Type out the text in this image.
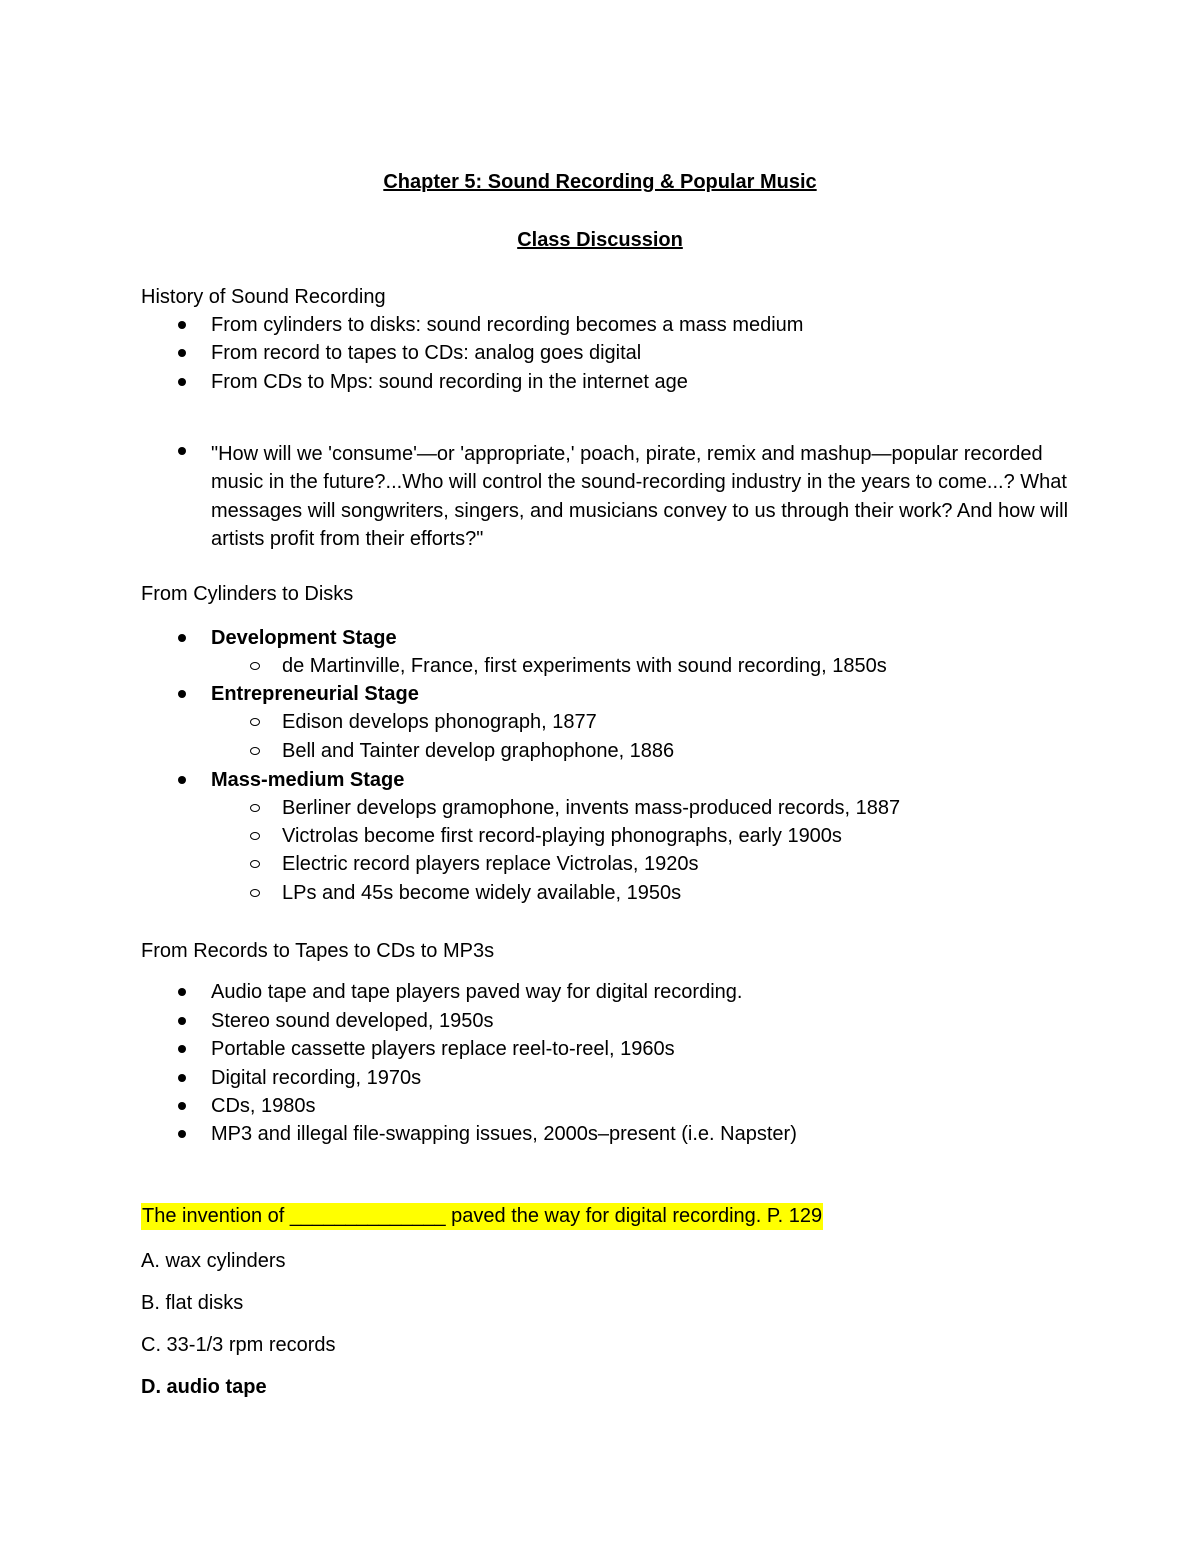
Chapter 5: Sound Recording & Popular Music
Class Discussion
History of Sound Recording
From cylinders to disks: sound recording becomes a mass medium
From record to tapes to CDs: analog goes digital
From CDs to Mps: sound recording in the internet age
"How will we 'consume'—or 'appropriate,' poach, pirate, remix and mashup—popular recorded music in the future?...Who will control the sound-recording industry in the years to come...? What messages will songwriters, singers, and musicians convey to us through their work? And how will artists profit from their efforts?"
From Cylinders to Disks
Development Stage
de Martinville, France, first experiments with sound recording, 1850s
Entrepreneurial Stage
Edison develops phonograph, 1877
Bell and Tainter develop graphophone, 1886
Mass-medium Stage
Berliner develops gramophone, invents mass-produced records, 1887
Victrolas become first record-playing phonographs, early 1900s
Electric record players replace Victrolas, 1920s
LPs and 45s become widely available, 1950s
From Records to Tapes to CDs to MP3s
Audio tape and tape players paved way for digital recording.
Stereo sound developed, 1950s
Portable cassette players replace reel-to-reel, 1960s
Digital recording, 1970s
CDs, 1980s
MP3 and illegal file-swapping issues, 2000s–present (i.e. Napster)
The invention of ______________ paved the way for digital recording. P. 129
A. wax cylinders
B. flat disks
C. 33-1/3 rpm records
D. audio tape
